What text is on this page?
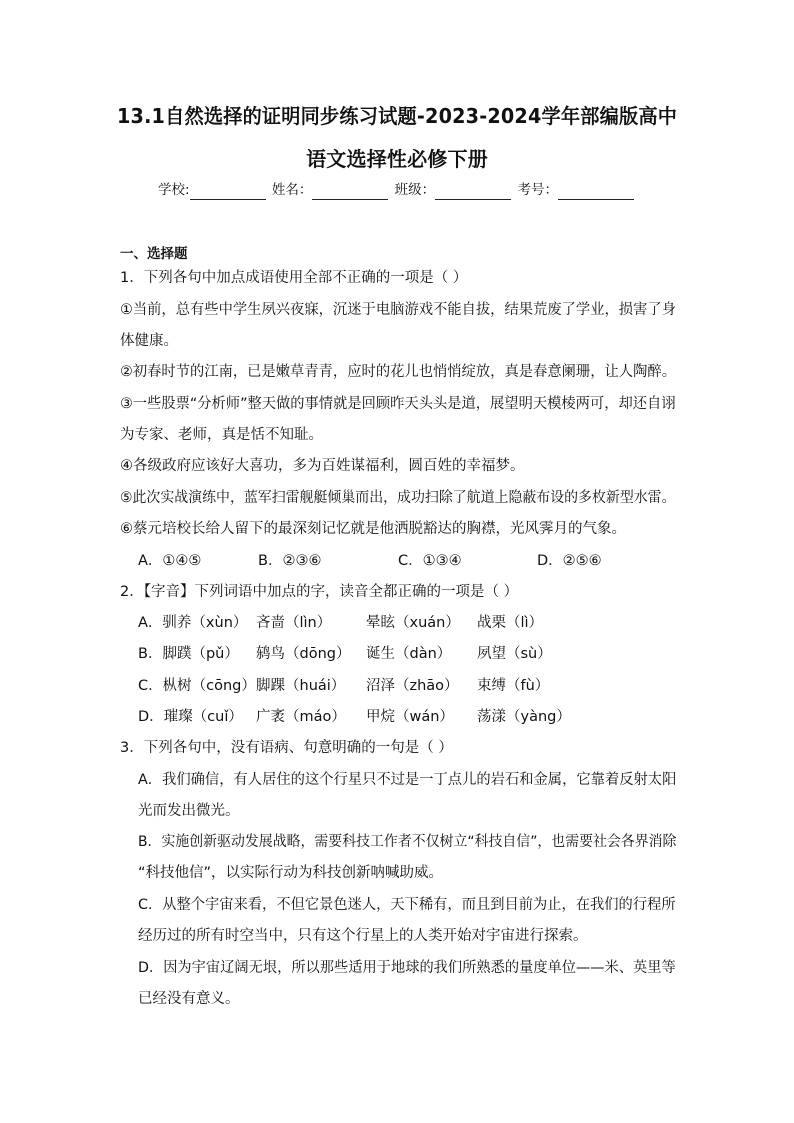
13.1自然选择的证明同步练习试题-2023-2024学年部编版高中
语文选择性必修下册
学校:	姓名：	班级：	考号：
一、选择题
1．下列各句中加点成语使用全部不正确的一项是（ ）
①当前，总有些中学生夙兴夜寐，沉迷于电脑游戏不能自拔，结果荒废了学业，损害了身
体健康。
②初春时节的江南，已是嫩草青青，应时的花儿也悄悄绽放，真是春意阑珊，让人陶醉。
③一些股票“分析师”整天做的事情就是回顾昨天头头是道，展望明天模棱两可，却还自诩
为专家、老师，真是恬不知耻。
④各级政府应该好大喜功，多为百姓谋福利，圆百姓的幸福梦。
⑤此次实战演练中，蓝军扫雷舰艇倾巢而出，成功扫除了航道上隐蔽布设的多枚新型水雷。
⑥蔡元培校长给人留下的最深刻记忆就是他洒脱豁达的胸襟，光风霁月的气象。
A．①④⑤	B．②③⑥	C．①③④	D．②⑤⑥
2．【字音】下列词语中加点的字，读音全都正确的一项是（ ）
A．驯养（xùn） 吝啬（lìn） 晕眩（xuán） 战栗（lì）
B．脚蹼（pǔ） 鸫鸟（dōng） 诞生（dàn） 夙望（sù）
C．枞树（cōng）脚踝（huái） 沼泽（zhāo） 束缚（fù）
D．璀璨（cuǐ） 广袤（máo） 甲烷（wán） 荡漾（yàng）
3．下列各句中，没有语病、句意明确的一句是（ ）
A．我们确信，有人居住的这个行星只不过是一丁点儿的岩石和金属，它靠着反射太阳
光而发出微光。
B．实施创新驱动发展战略，需要科技工作者不仅树立“科技自信”，也需要社会各界消除
“科技他信”，以实际行动为科技创新呐喊助威。
C．从整个宇宙来看，不但它景色迷人，天下稀有，而且到目前为止，在我们的行程所
经历过的所有时空当中，只有这个行星上的人类开始对宇宙进行探索。
D．因为宇宙辽阔无垠，所以那些适用于地球的我们所熟悉的量度单位——米、英里等
已经没有意义。
